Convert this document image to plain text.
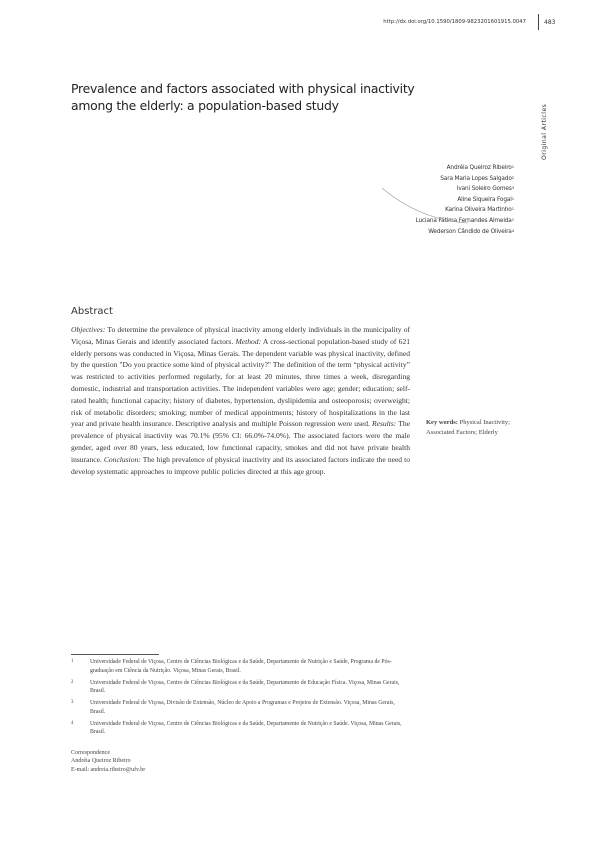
http://dx.doi.org/10.1590/1809-9823201601915.0047	483
Prevalence and factors associated with physical inactivity among the elderly: a population-based study	Original Articles
Andréia Queiroz Ribeiro$^1$
Sara Maria Lopes Salgado$^2$
Ivani Soleiro Gomes$^3$
Aline Siqueira Fogal$^1$
Karina Oliveira Martinho$^1$
Luciana Fátima Fernandes Almeida$^1$
Wederson Cândido de Oliveira$^4$
Abstract

Objectives: To determine the prevalence of physical inactivity among elderly individuals in the municipality of Viçosa, Minas Gerais and identify associated factors. Method: A cross-sectional population-based study of 621 elderly persons was conducted in Viçosa, Minas Gerais. The dependent variable was physical inactivity, defined by the question "Do you practice some kind of physical activity?" The definition of the term “physical activity” was restricted to activities performed regularly, for at least 20 minutes, three times a week, disregarding domestic, industrial and transportation activities. The independent variables were age; gender; education; self-rated health; functional capacity; history of diabetes, hypertension, dyslipidemia and osteoporosis; overweight; risk of metabolic disorders; smoking; number of medical appointments; history of hospitalizations in the last year and private health insurance. Descriptive analysis and multiple Poisson regression were used. Results: The prevalence of physical inactivity was 70.1% (95% CI: 66.0%-74.0%). The associated factors were the male gender, aged over 80 years, less educated, low functional capacity, smokes and did not have private health insurance. Conclusion: The high prevalence of physical inactivity and its associated factors indicate the need to develop systematic approaches to improve public policies directed at this age group.

Key words: Physical Inactivity; Associated Factors; Elderly

1	Universidade Federal de Viçosa, Centro de Ciências Biológicas e da Saúde, Departamento de Nutrição e Saúde, Programa de Pós-graduação em Ciência da Nutrição. Viçosa, Minas Gerais, Brasil.
2	Universidade Federal de Viçosa, Centro de Ciências Biológicas e da Saúde, Departamento de Educação Física. Viçosa, Minas Gerais, Brasil.
3	Universidade Federal de Viçosa, Divisão de Extensão, Núcleo de Apoio a Programas e Projetos de Extensão. Viçosa, Minas Gerais, Brasil.
4	Universidade Federal de Viçosa, Centro de Ciências Biológicas e da Saúde, Departamento de Nutrição e Saúde. Viçosa, Minas Gerais, Brasil.
Correspondence
Andréia Queiroz Ribeiro
E-mail: andreia.ribeiro@ufv.br
